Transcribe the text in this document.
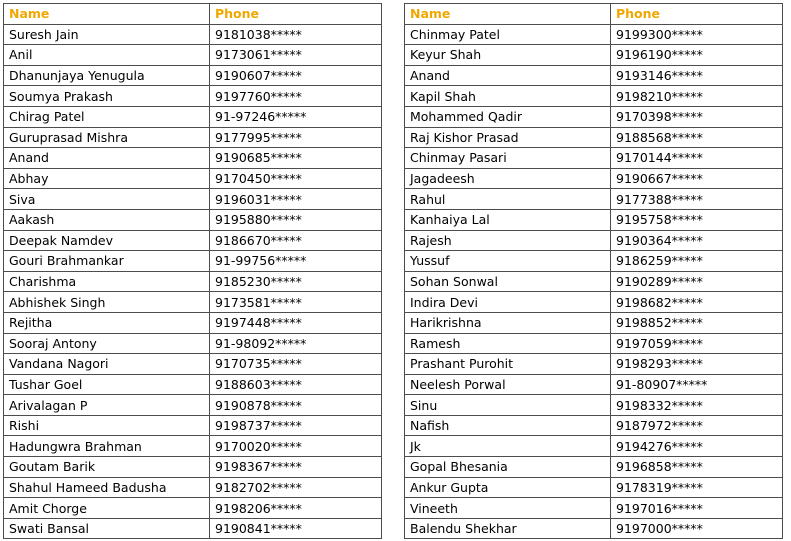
Name	Phone
Suresh Jain	9181038*****
Anil	9173061*****
Dhanunjaya Yenugula	9190607*****
Soumya Prakash	9197760*****
Chirag Patel	91-97246*****
Guruprasad Mishra	9177995*****
Anand	9190685*****
Abhay	9170450*****
Siva	9196031*****
Aakash	9195880*****
Deepak Namdev	9186670*****
Gouri Brahmankar	91-99756*****
Charishma	9185230*****
Abhishek Singh	9173581*****
Rejitha	9197448*****
Sooraj Antony	91-98092*****
Vandana Nagori	9170735*****
Tushar Goel	9188603*****
Arivalagan P	9190878*****
Rishi	9198737*****
Hadungwra Brahman	9170020*****
Goutam Barik	9198367*****
Shahul Hameed Badusha	9182702*****
Amit Chorge	9198206*****
Swati Bansal	9190841*****
Name	Phone
Chinmay Patel	9199300*****
Keyur Shah	9196190*****
Anand	9193146*****
Kapil Shah	9198210*****
Mohammed Qadir	9170398*****
Raj Kishor Prasad	9188568*****
Chinmay Pasari	9170144*****
Jagadeesh	9190667*****
Rahul	9177388*****
Kanhaiya Lal	9195758*****
Rajesh	9190364*****
Yussuf	9186259*****
Sohan Sonwal	9190289*****
Indira Devi	9198682*****
Harikrishna	9198852*****
Ramesh	9197059*****
Prashant Purohit	9198293*****
Neelesh Porwal	91-80907*****
Sinu	9198332*****
Nafish	9187972*****
Jk	9194276*****
Gopal Bhesania	9196858*****
Ankur Gupta	9178319*****
Vineeth	9197016*****
Balendu Shekhar	9197000*****
